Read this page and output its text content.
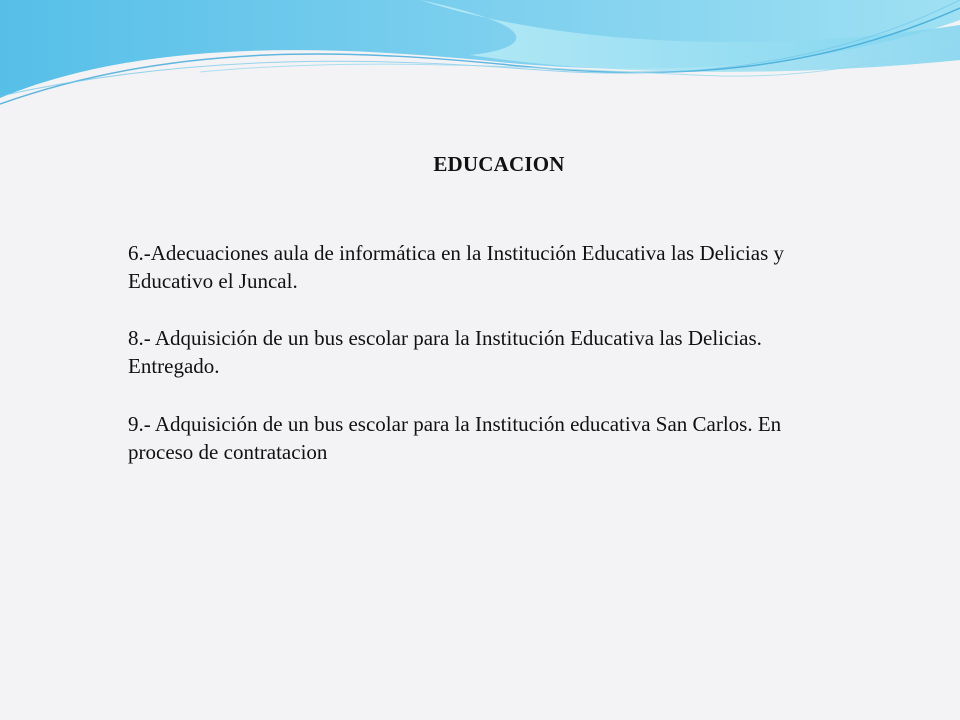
EDUCACION
6.-Adecuaciones aula de informática en la Institución Educativa las Delicias y Educativo el Juncal.
8.- Adquisición de un bus escolar para la Institución Educativa las Delicias. Entregado.
9.- Adquisición de un bus escolar para la Institución educativa San Carlos. En proceso de contratacion
